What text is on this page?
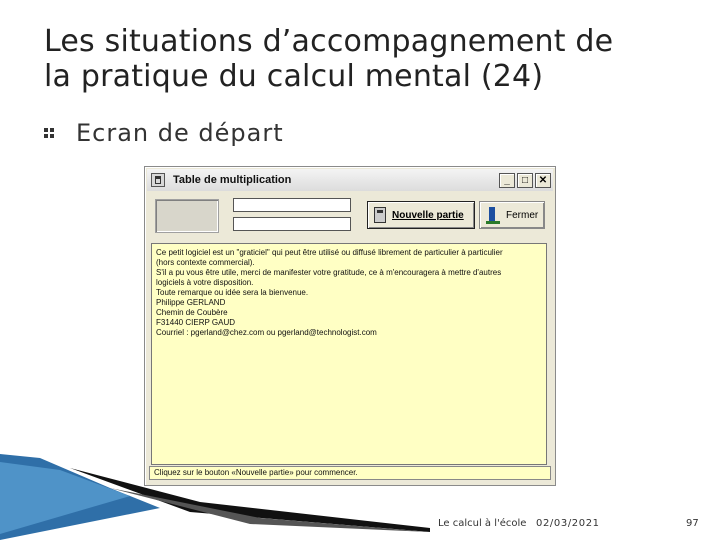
Les situations d’accompagnement de
la pratique du calcul mental (24)
Ecran de départ
Table de multiplication	_	□	✕
Nouvelle partie	Fermer

Ce petit logiciel est un "graticiel" qui peut être utilisé ou diffusé librement de particulier à particulier

(hors contexte commercial).

S'il a pu vous être utile, merci de manifester votre gratitude, ce à m'encouragera à mettre d'autres

logiciels à votre disposition.

Toute remarque ou idée sera la bienvenue.

Philippe GERLAND

Chemin de Coubère

F31440 CIERP GAUD

Courriel : pgerland@chez.com ou pgerland@technologist.com

Cliquez sur le bouton «Nouvelle partie» pour commencer.
Le calcul à l'école 02/03/2021	97
